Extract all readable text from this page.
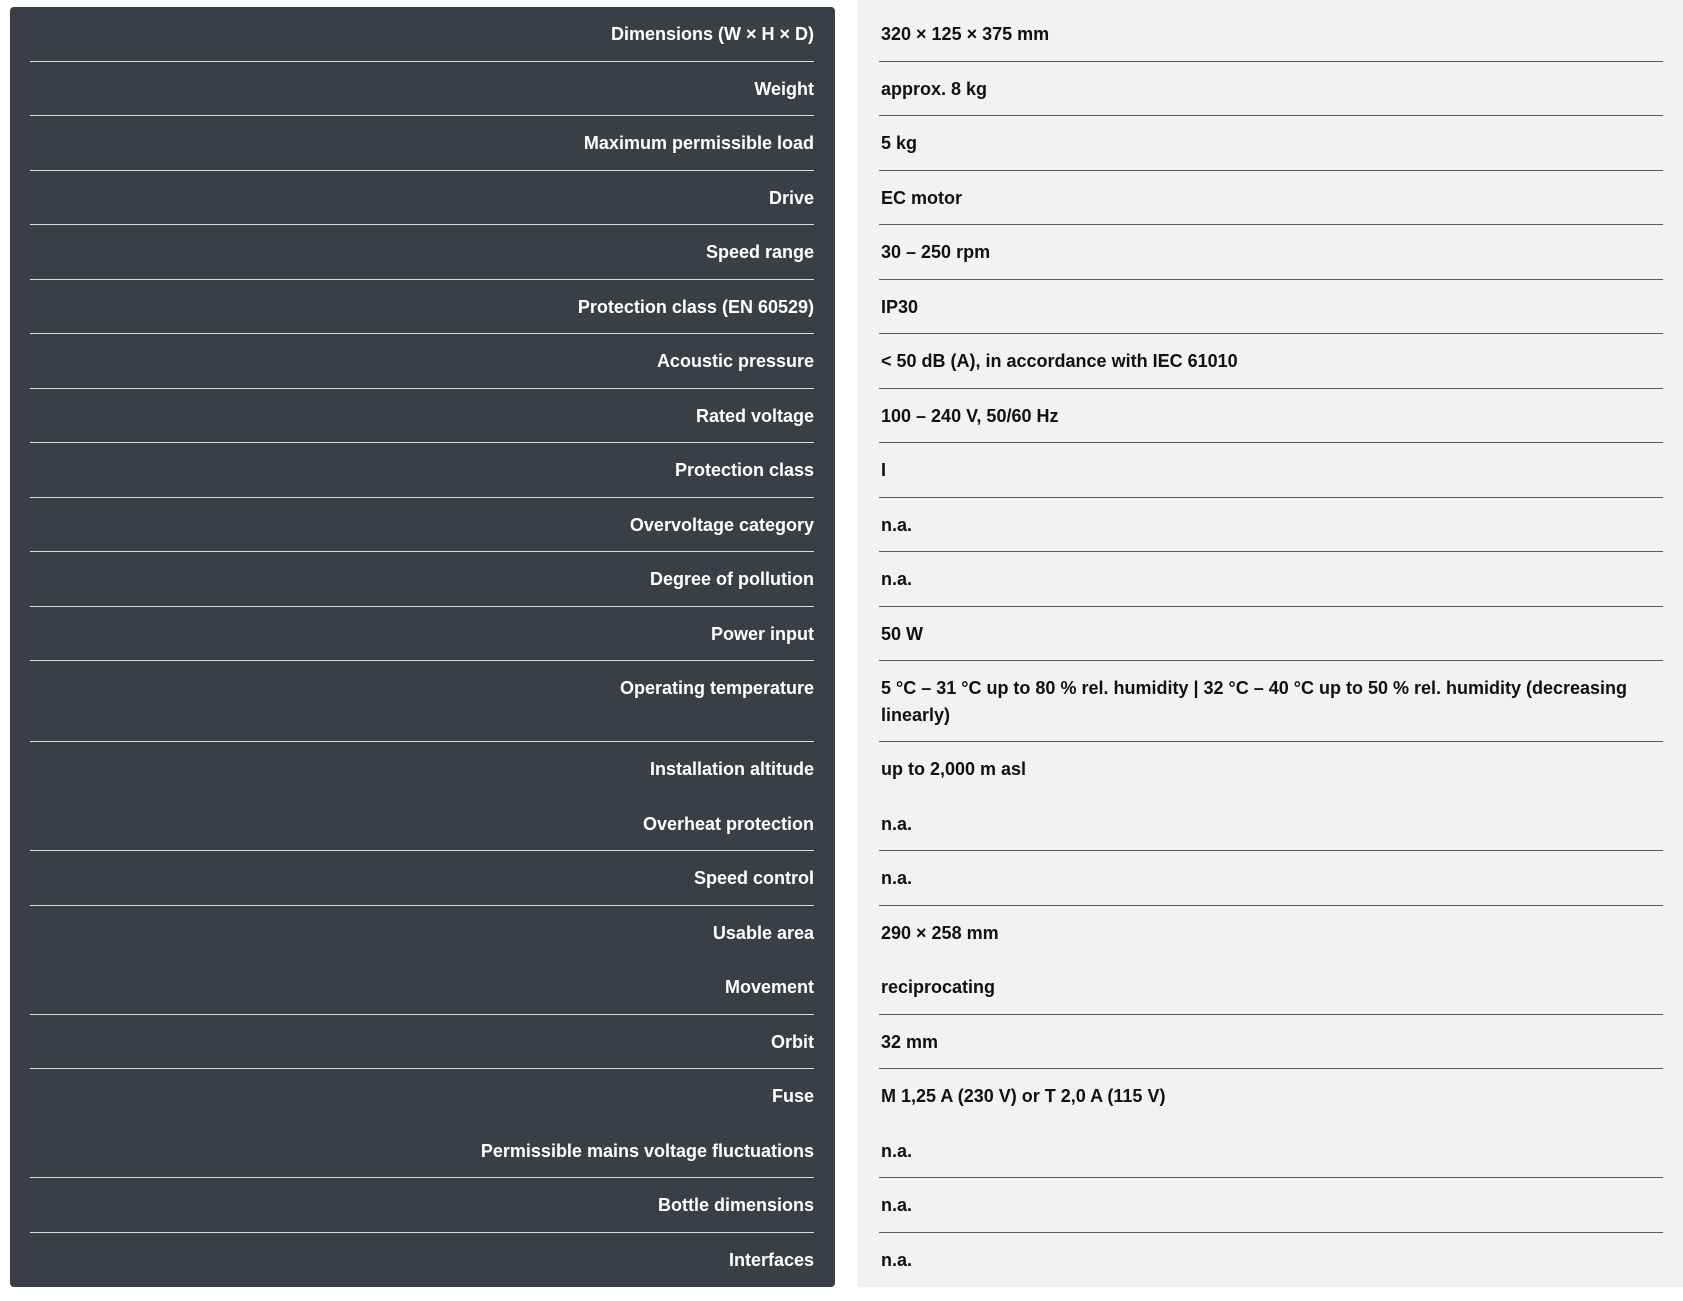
Dimensions (W × H × D)	320 × 125 × 375 mm
Weight	approx. 8 kg
Maximum permissible load	5 kg
Drive	EC motor
Speed range	30 – 250 rpm
Protection class (EN 60529)	IP30
Acoustic pressure	< 50 dB (A), in accordance with IEC 61010
Rated voltage	100 – 240 V, 50/60 Hz
Protection class	I
Overvoltage category	n.a.
Degree of pollution	n.a.
Power input	50 W
Operating temperature	5 °C – 31 °C up to 80 % rel. humidity | 32 °C – 40 °C up to 50 % rel. humidity (decreasing linearly)
Installation altitude	up to 2,000 m asl
Overheat protection	n.a.
Speed control	n.a.
Usable area	290 × 258 mm
Movement	reciprocating
Orbit	32 mm
Fuse	M 1,25 A (230 V) or T 2,0 A (115 V)
Permissible mains voltage fluctuations	n.a.
Bottle dimensions	n.a.
Interfaces	n.a.
